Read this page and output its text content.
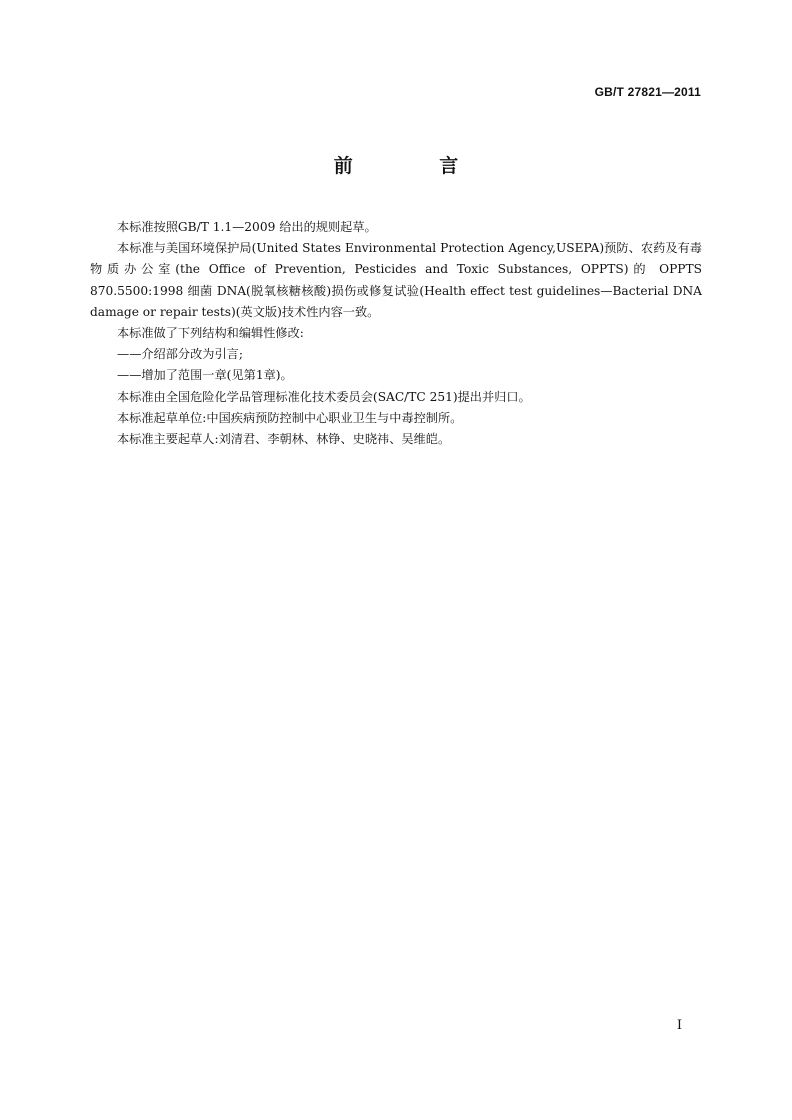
GB/T 27821—2011
前 言

本标准按照GB/T 1.1—2009 给出的规则起草。

本标准与美国环境保护局(United States Environmental Protection Agency,USEPA)预防、农药及有毒物质办公室(the Office of Prevention, Pesticides and Toxic Substances, OPPTS)的 OPPTS 870.5500:1998 细菌 DNA(脱氧核糖核酸)损伤或修复试验(Health effect test guidelines—Bacterial DNA damage or repair tests)(英文版)技术性内容一致。

本标准做了下列结构和编辑性修改:

——介绍部分改为引言;

——增加了范围一章(见第1章)。

本标准由全国危险化学品管理标准化技术委员会(SAC/TC 251)提出并归口。

本标准起草单位:中国疾病预防控制中心职业卫生与中毒控制所。

本标准主要起草人:刘清君、李朝林、林铮、史晓祎、吴维皑。

I
